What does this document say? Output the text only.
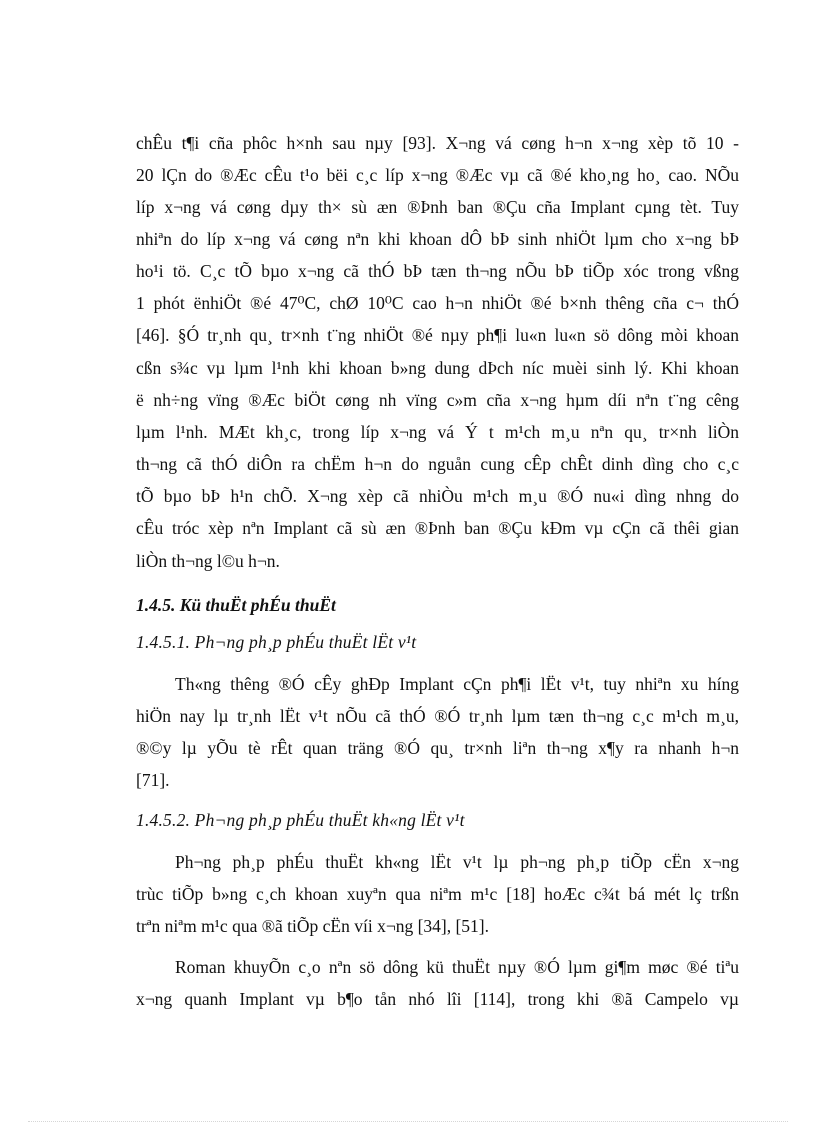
chÊu t¶i cña phôc h×nh sau nµy [93]. X¬ng vá cøng h¬n x¬ng xèp tõ 10 -
20 lÇn do ®Æc cÊu t¹o bëi c¸c líp x¬ng ®Æc vµ cã ®é kho¸ng ho¸ cao. NÕu
líp x¬ng vá cøng dµy th× sù æn ®Þnh ban ®Çu cña Implant cµng tèt. Tuy
nhiªn do líp x¬ng vá cøng nªn khi khoan dÔ bÞ sinh nhiÖt lµm cho x¬ng bÞ
ho¹i tö. C¸c tÕ bµo x¬ng cã thÓ bÞ tæn th¬ng nÕu bÞ tiÕp xóc trong vßng
1 phót ënhiÖt ®é 47⁰C, chØ 10⁰C cao h¬n nhiÖt ®é b×nh thêng cña c¬ thÓ
[46]. §Ó tr¸nh qu¸ tr×nh t¨ng nhiÖt ®é nµy ph¶i lu«n lu«n sö dông mòi khoan
cßn s¾c vµ lµm l¹nh khi khoan b»ng dung dÞch níc muèi sinh lý. Khi khoan
ë nh÷ng vïng ®Æc biÖt cøng nh vïng c»m cña x¬ng hµm díi nªn t¨ng cêng
lµm l¹nh. MÆt kh¸c, trong líp x¬ng vá Ý t m¹ch m¸u nªn qu¸ tr×nh liÒn
th¬ng cã thÓ diÔn ra chËm h¬n do nguån cung cÊp chÊt dinh dìng cho c¸c
tÕ bµo bÞ h¹n chÕ. X¬ng xèp cã nhiÒu m¹ch m¸u ®Ó nu«i dìng nhng do
cÊu tróc xèp nªn Implant cã sù æn ®Þnh ban ®Çu kÐm vµ cÇn cã thêi gian
liÒn th¬ng l©u h¬n.
1.4.5. Kü thuËt phÉu thuËt
1.4.5.1. Ph¬ng ph¸p phÉu thuËt lËt v¹t
Th«ng thêng ®Ó cÊy ghÐp Implant cÇn ph¶i lËt v¹t, tuy nhiªn xu híng
hiÖn nay lµ tr¸nh lËt v¹t nÕu cã thÓ ®Ó tr¸nh lµm tæn th¬ng c¸c m¹ch m¸u,
®©y lµ yÕu tè rÊt quan träng ®Ó qu¸ tr×nh liªn th¬ng x¶y ra nhanh h¬n
[71].
1.4.5.2. Ph¬ng ph¸p phÉu thuËt kh«ng lËt v¹t
Ph¬ng ph¸p phÉu thuËt kh«ng lËt v¹t lµ ph¬ng ph¸p tiÕp cËn x¬ng
trùc tiÕp b»ng c¸ch khoan xuyªn qua niªm m¹c [18] hoÆc c¾t bá mét lç trßn
trªn niªm m¹c qua ®ã tiÕp cËn víi x¬ng [34], [51].
Roman khuyÕn c¸o nªn sö dông kü thuËt nµy ®Ó lµm gi¶m møc ®é tiªu
x¬ng quanh Implant vµ b¶o tån nhó lîi [114], trong khi ®ã Campelo vµ
